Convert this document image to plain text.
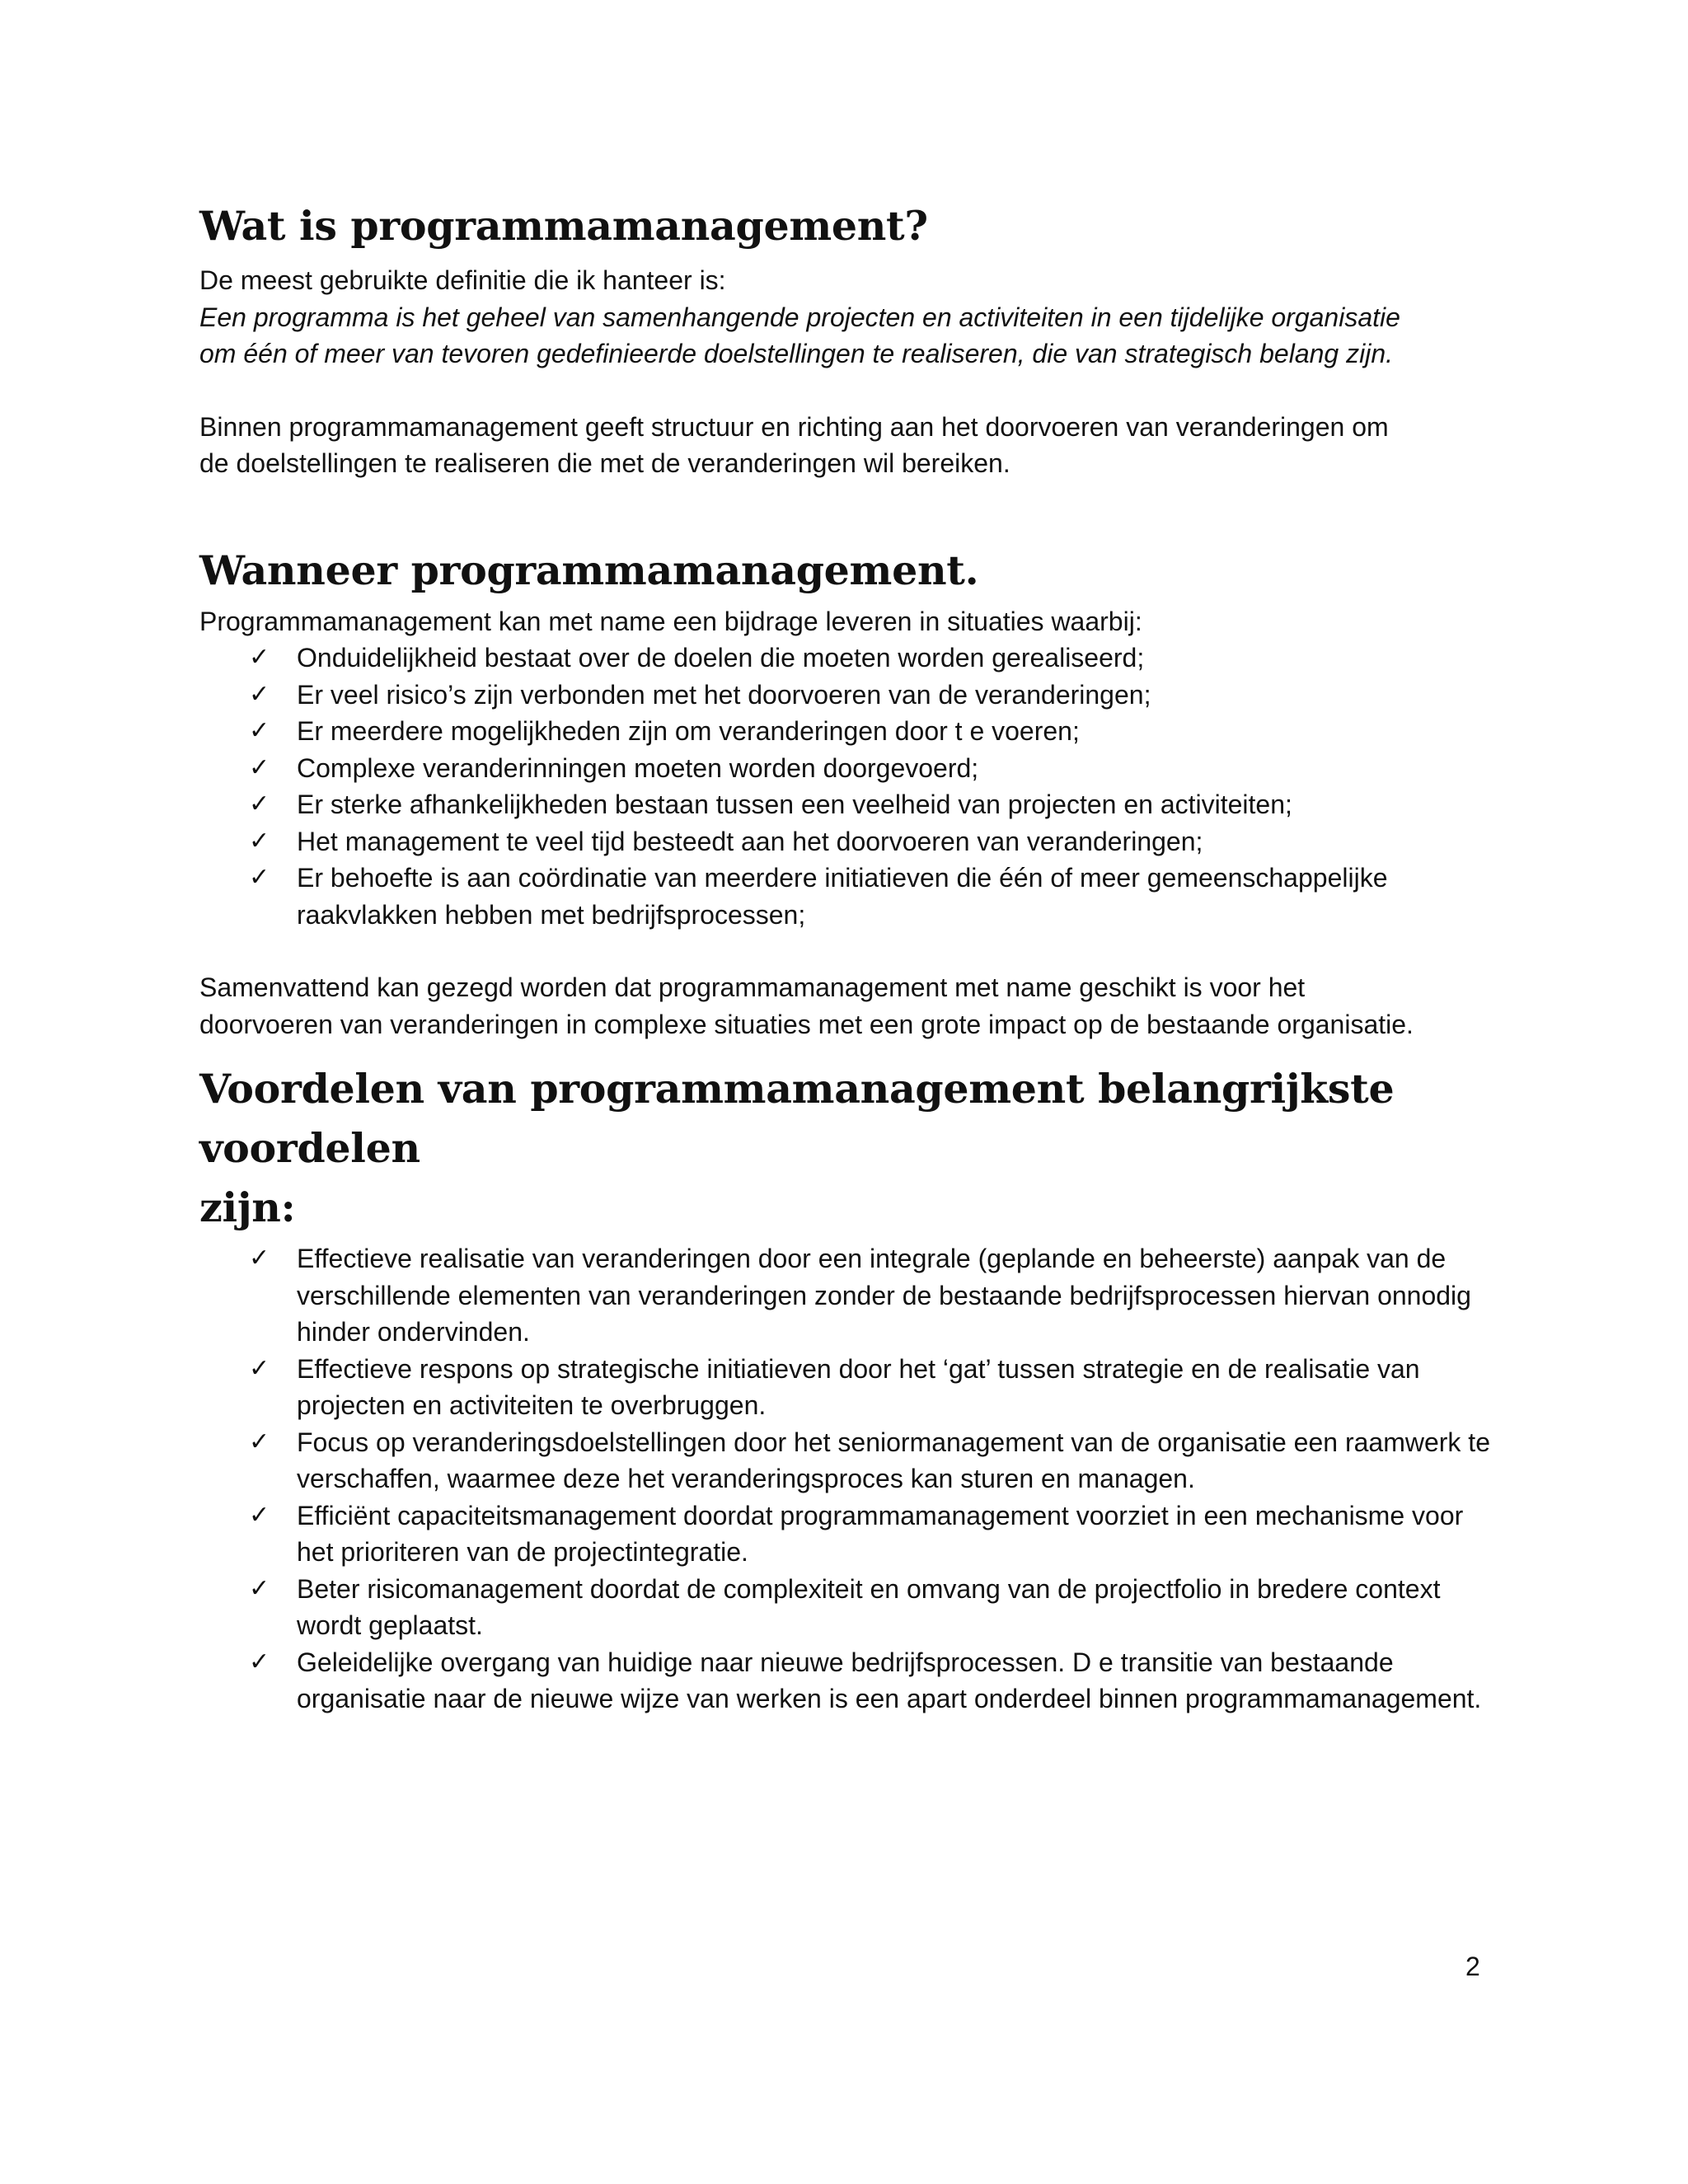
Wat is programmamanagement?

De meest gebruikte definitie die ik hanteer is:

Een programma is het geheel van samenhangende projecten en activiteiten in een tijdelijke organisatie

om één of meer van tevoren gedefinieerde doelstellingen te realiseren, die van strategisch belang zijn.

Binnen programmamanagement geeft structuur en richting aan het doorvoeren van veranderingen om

de doelstellingen te realiseren die met de veranderingen wil bereiken.

Wanneer programmamanagement.

Programmamanagement kan met name een bijdrage leveren in situaties waarbij:

✓ Onduidelijkheid bestaat over de doelen die moeten worden gerealiseerd;
✓ Er veel risico’s zijn verbonden met het doorvoeren van de veranderingen;
✓ Er meerdere mogelijkheden zijn om veranderingen door t e voeren;
✓ Complexe veranderinningen moeten worden doorgevoerd;
✓ Er sterke afhankelijkheden bestaan tussen een veelheid van projecten en activiteiten;
✓ Het management te veel tijd besteedt aan het doorvoeren van veranderingen;
✓ Er behoefte is aan coördinatie van meerdere initiatieven die één of meer gemeenschappelijke raakvlakken hebben met bedrijfsprocessen;

Samenvattend kan gezegd worden dat programmamanagement met name geschikt is voor het

doorvoeren van veranderingen in complexe situaties met een grote impact op de bestaande organisatie.

Voordelen van programmamanagement belangrijkste voordelen
zijn:
✓ Effectieve realisatie van veranderingen door een integrale (geplande en beheerste) aanpak van de verschillende elementen van veranderingen zonder de bestaande bedrijfsprocessen hiervan onnodig hinder ondervinden.
✓ Effectieve respons op strategische initiatieven door het ‘gat’ tussen strategie en de realisatie van projecten en activiteiten te overbruggen.
✓ Focus op veranderingsdoelstellingen door het seniormanagement van de organisatie een raamwerk te verschaffen, waarmee deze het veranderingsproces kan sturen en managen.
✓ Efficiënt capaciteitsmanagement doordat programmamanagement voorziet in een mechanisme voor het prioriteren van de projectintegratie.
✓ Beter risicomanagement doordat de complexiteit en omvang van de projectfolio in bredere context wordt geplaatst.
✓ Geleidelijke overgang van huidige naar nieuwe bedrijfsprocessen. D e transitie van bestaande organisatie naar de nieuwe wijze van werken is een apart onderdeel binnen programmamanagement.
2
